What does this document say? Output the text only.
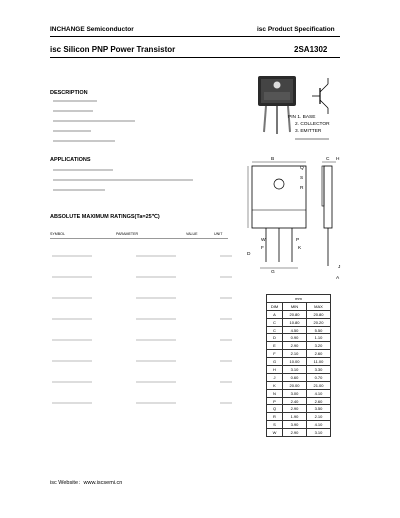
INCHANGE Semiconductor	isc Product Specification
isc Silicon PNP Power Transistor	2SA1302
DESCRIPTION
APPLICATIONS
ABSOLUTE MAXIMUM RATINGS(Ta=25℃)
SYMBOL	PARAMETER	VALUE	UNIT
PIN 1. BASE
2. COLLECTOR
3. EMITTER
B
Q
C H
S
R
W
F
D
P
K
J
G
A
mm		
DIM	MIN	MAX
A	20.80	20.80
C	10.80	20.20
C	4.50	5.50
D	0.90	1.10
E	2.90	3.20
F	2.10	2.60
G	10.00	11.00
H	3.10	3.30
J	0.60	0.70
K	20.00	21.00
N	3.00	4.10
P	2.40	2.60
Q	2.90	3.50
R	1.90	2.10
S	3.90	4.10
W	2.90	3.10
isc Website：www.iscsemi.cn
